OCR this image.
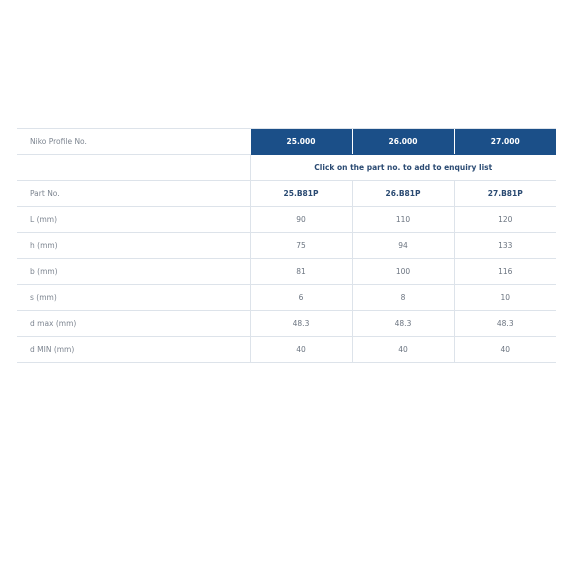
Niko Profile No.	25.000	26.000	27.000
	Click on the part no. to add to enquiry list		
Part No.	25.B81P	26.B81P	27.B81P
L (mm)	90	110	120
h (mm)	75	94	133
b (mm)	81	100	116
s (mm)	6	8	10
d max (mm)	48.3	48.3	48.3
d MIN (mm)	40	40	40
